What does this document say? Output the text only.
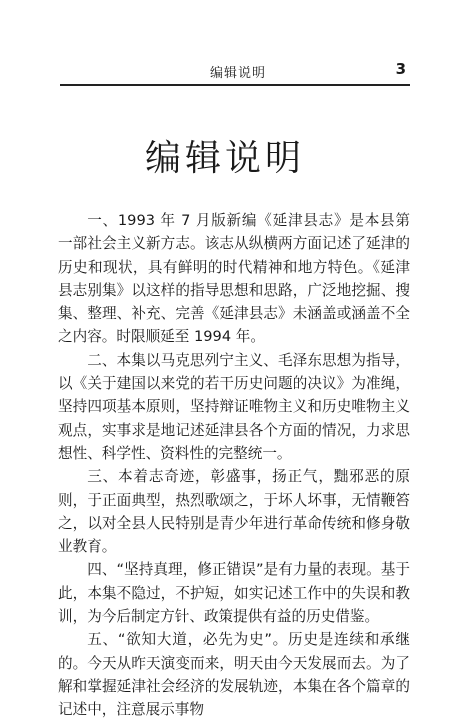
编辑说明	3
编辑说明

一、1993 年 7 月版新编《延津县志》是本县第一部社会主义新方志。该志从纵横两方面记述了延津的历史和现状，具有鲜明的时代精神和地方特色。《延津县志别集》以这样的指导思想和思路，广泛地挖掘、搜集、整理、补充、完善《延津县志》未涵盖或涵盖不全之内容。时限顺延至 1994 年。

二、本集以马克思列宁主义、毛泽东思想为指导，以《关于建国以来党的若干历史问题的决议》为准绳，坚持四项基本原则，坚持辩证唯物主义和历史唯物主义观点，实事求是地记述延津县各个方面的情况，力求思想性、科学性、资料性的完整统一。

三、本着志奇迹，彰盛事，扬正气，黜邪恶的原则，于正面典型，热烈歌颂之，于坏人坏事，无情鞭笞之，以对全县人民特别是青少年进行革命传统和修身敬业教育。

四、“坚持真理，修正错误”是有力量的表现。基于此，本集不隐过，不护短，如实记述工作中的失误和教训，为今后制定方针、政策提供有益的历史借鉴。

五、“欲知大道，必先为史”。历史是连续和承继的。今天从昨天演变而来，明天由今天发展而去。为了解和掌握延津社会经济的发展轨迹，本集在各个篇章的记述中，注意展示事物
